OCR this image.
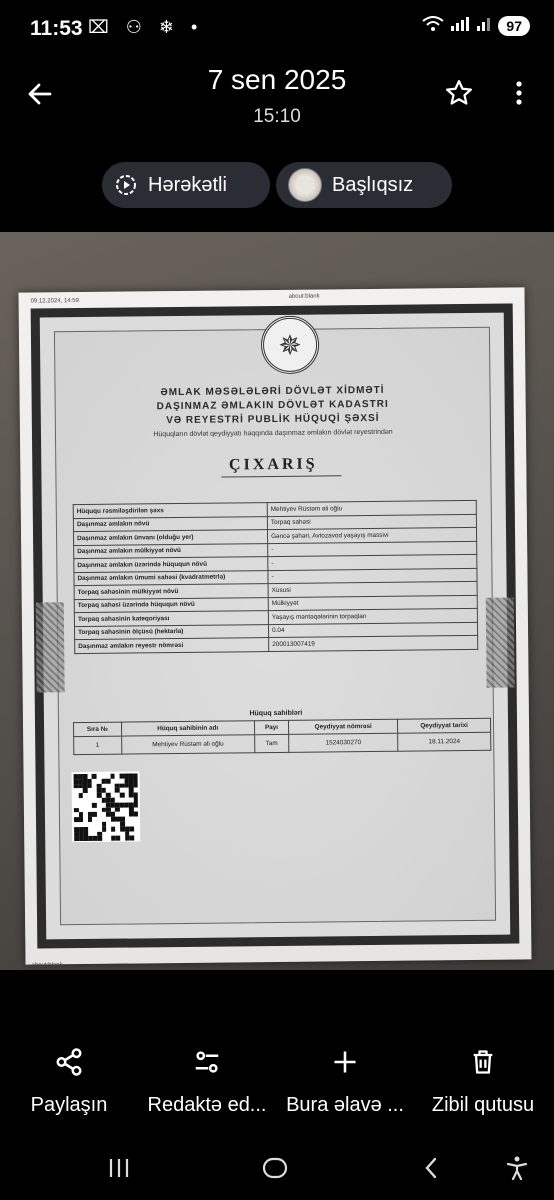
11:53 ⌧ ⚇ ❄ •	97
7 sen 2025
15:10
Hərəkətli	Başlıqsız
09.12.2024, 14:59
about:blank
✵
ƏMLAK MƏSƏLƏLƏRİ DÖVLƏT XİDMƏTİ
DAŞINMAZ ƏMLAKIN DÖVLƏT KADASTRI
VƏ REYESTRİ PUBLİK HÜQUQİ ŞƏXSİ
Hüquqların dövlət qeydiyyatı haqqında daşınmaz əmlakın dövlət reyestrindən
ÇIXARIŞ
Hüququ rəsmiləşdirilən şəxs	Mehtiyev Rüstəm əli oğlu
Daşınmaz əmlakın növü	Torpaq sahəsi
Daşınmaz əmlakın ünvanı (olduğu yer)	Gəncə şəhəri, Avtozavod yaşayış massivi
Daşınmaz əmlakın mülkiyyət növü	-
Daşınmaz əmlakın üzərində hüququn növü	-
Daşınmaz əmlakın ümumi sahəsi (kvadratmetrlə)	-
Torpaq sahəsinin mülkiyyət növü	Xüsusi
Torpaq sahəsi üzərində hüququn növü	Mülkiyyət
Torpaq sahəsinin kateqoriyası	Yaşayış məntəqələrinin torpaqları
Torpaq sahəsinin ölçüsü (hektarla)	0.04
Daşınmaz əmlakın reyestr nömrəsi	200013007419
Hüquq sahibləri
Sıra №	Hüquq sahibinin adı	Payı	Qeydiyyat nömrəsi	Qeydiyyat tarixi
1	Mehtiyev Rüstəm əli oğlu	Tam	1524030270	18.11.2024
about:blank
Paylaşın	Redaktə ed... Bura əlavə ...	Zibil qutusu
